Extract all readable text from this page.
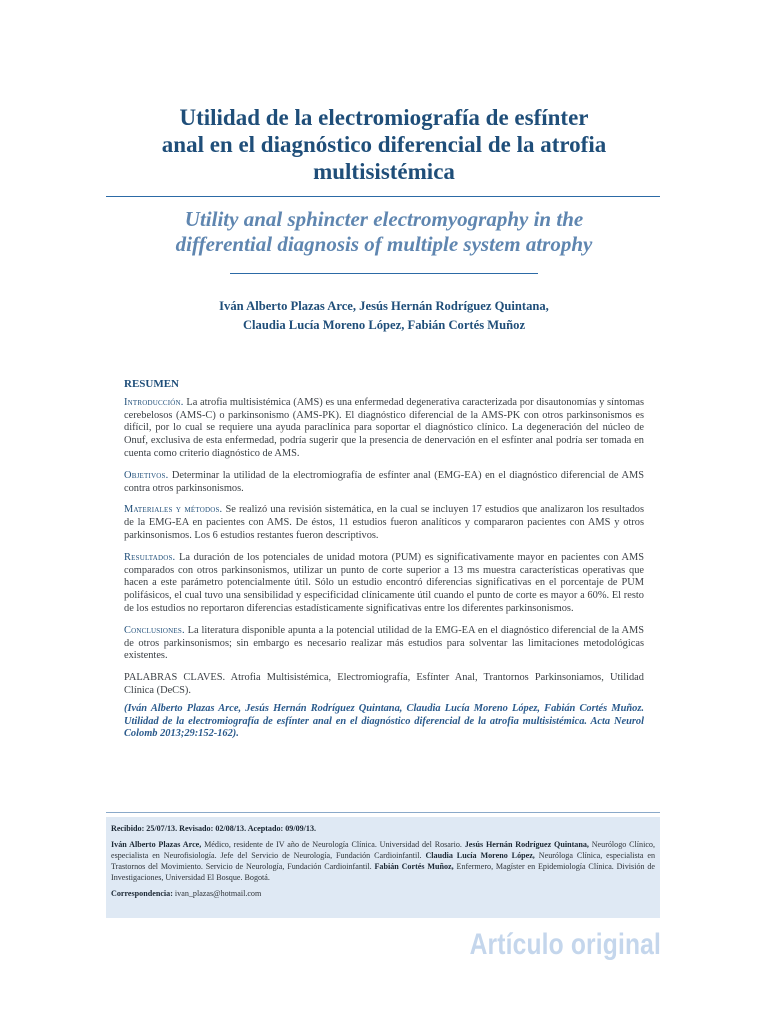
Utilidad de la electromiografía de esfínter
anal en el diagnóstico diferencial de la atrofia
multisistémica
Utility anal sphincter electromyography in the
differential diagnosis of multiple system atrophy
Iván Alberto Plazas Arce, Jesús Hernán Rodríguez Quintana,
Claudia Lucía Moreno López, Fabián Cortés Muñoz
RESUMEN

Introducción. La atrofia multisistémica (AMS) es una enfermedad degenerativa caracterizada por disautonomías y síntomas cerebelosos (AMS-C) o parkinsonismo (AMS-PK). El diagnóstico diferencial de la AMS-PK con otros parkinsonismos es difícil, por lo cual se requiere una ayuda paraclínica para soportar el diagnóstico clínico. La degeneración del núcleo de Onuf, exclusiva de esta enfermedad, podría sugerir que la presencia de denervación en el esfínter anal podría ser tomada en cuenta como criterio diagnóstico de AMS.

Objetivos. Determinar la utilidad de la electromiografía de esfínter anal (EMG-EA) en el diagnóstico diferencial de AMS contra otros parkinsonismos.

Materiales y métodos. Se realizó una revisión sistemática, en la cual se incluyen 17 estudios que analizaron los resultados de la EMG-EA en pacientes con AMS. De éstos, 11 estudios fueron analíticos y compararon pacientes con AMS y otros parkinsonismos. Los 6 estudios restantes fueron descriptivos.

Resultados. La duración de los potenciales de unidad motora (PUM) es significativamente mayor en pacientes con AMS comparados con otros parkinsonismos, utilizar un punto de corte superior a 13 ms muestra características operativas que hacen a este parámetro potencialmente útil. Sólo un estudio encontró diferencias significativas en el porcentaje de PUM polifásicos, el cual tuvo una sensibilidad y especificidad clínicamente útil cuando el punto de corte es mayor a 60%. El resto de los estudios no reportaron diferencias estadísticamente significativas entre los diferentes parkinsonismos.

Conclusiones. La literatura disponible apunta a la potencial utilidad de la EMG-EA en el diagnóstico diferencial de la AMS de otros parkinsonismos; sin embargo es necesario realizar más estudios para solventar las limitaciones metodológicas existentes.

PALABRAS CLAVES. Atrofia Multisistémica, Electromiografía, Esfínter Anal, Trantornos Parkinsoniamos, Utilidad Clínica (DeCS).

(Iván Alberto Plazas Arce, Jesús Hernán Rodríguez Quintana, Claudia Lucía Moreno López, Fabián Cortés Muñoz. Utilidad de la electromiografía de esfínter anal en el diagnóstico diferencial de la atrofia multisistémica. Acta Neurol Colomb 2013;29:152-162).

Recibido: 25/07/13. Revisado: 02/08/13. Aceptado: 09/09/13.

Iván Alberto Plazas Arce, Médico, residente de IV año de Neurología Clínica. Universidad del Rosario. Jesús Hernán Rodríguez Quintana, Neurólogo Clínico, especialista en Neurofisiología. Jefe del Servicio de Neurología, Fundación Cardioinfantil. Claudia Lucía Moreno López, Neuróloga Clínica, especialista en Trastornos del Movimiento. Servicio de Neurología, Fundación Cardioinfantil. Fabián Cortés Muñoz, Enfermero, Magíster en Epidemiología Clínica. División de Investigaciones, Universidad El Bosque. Bogotá.

Correspondencia: ivan_plazas@hotmail.com

Artículo original
